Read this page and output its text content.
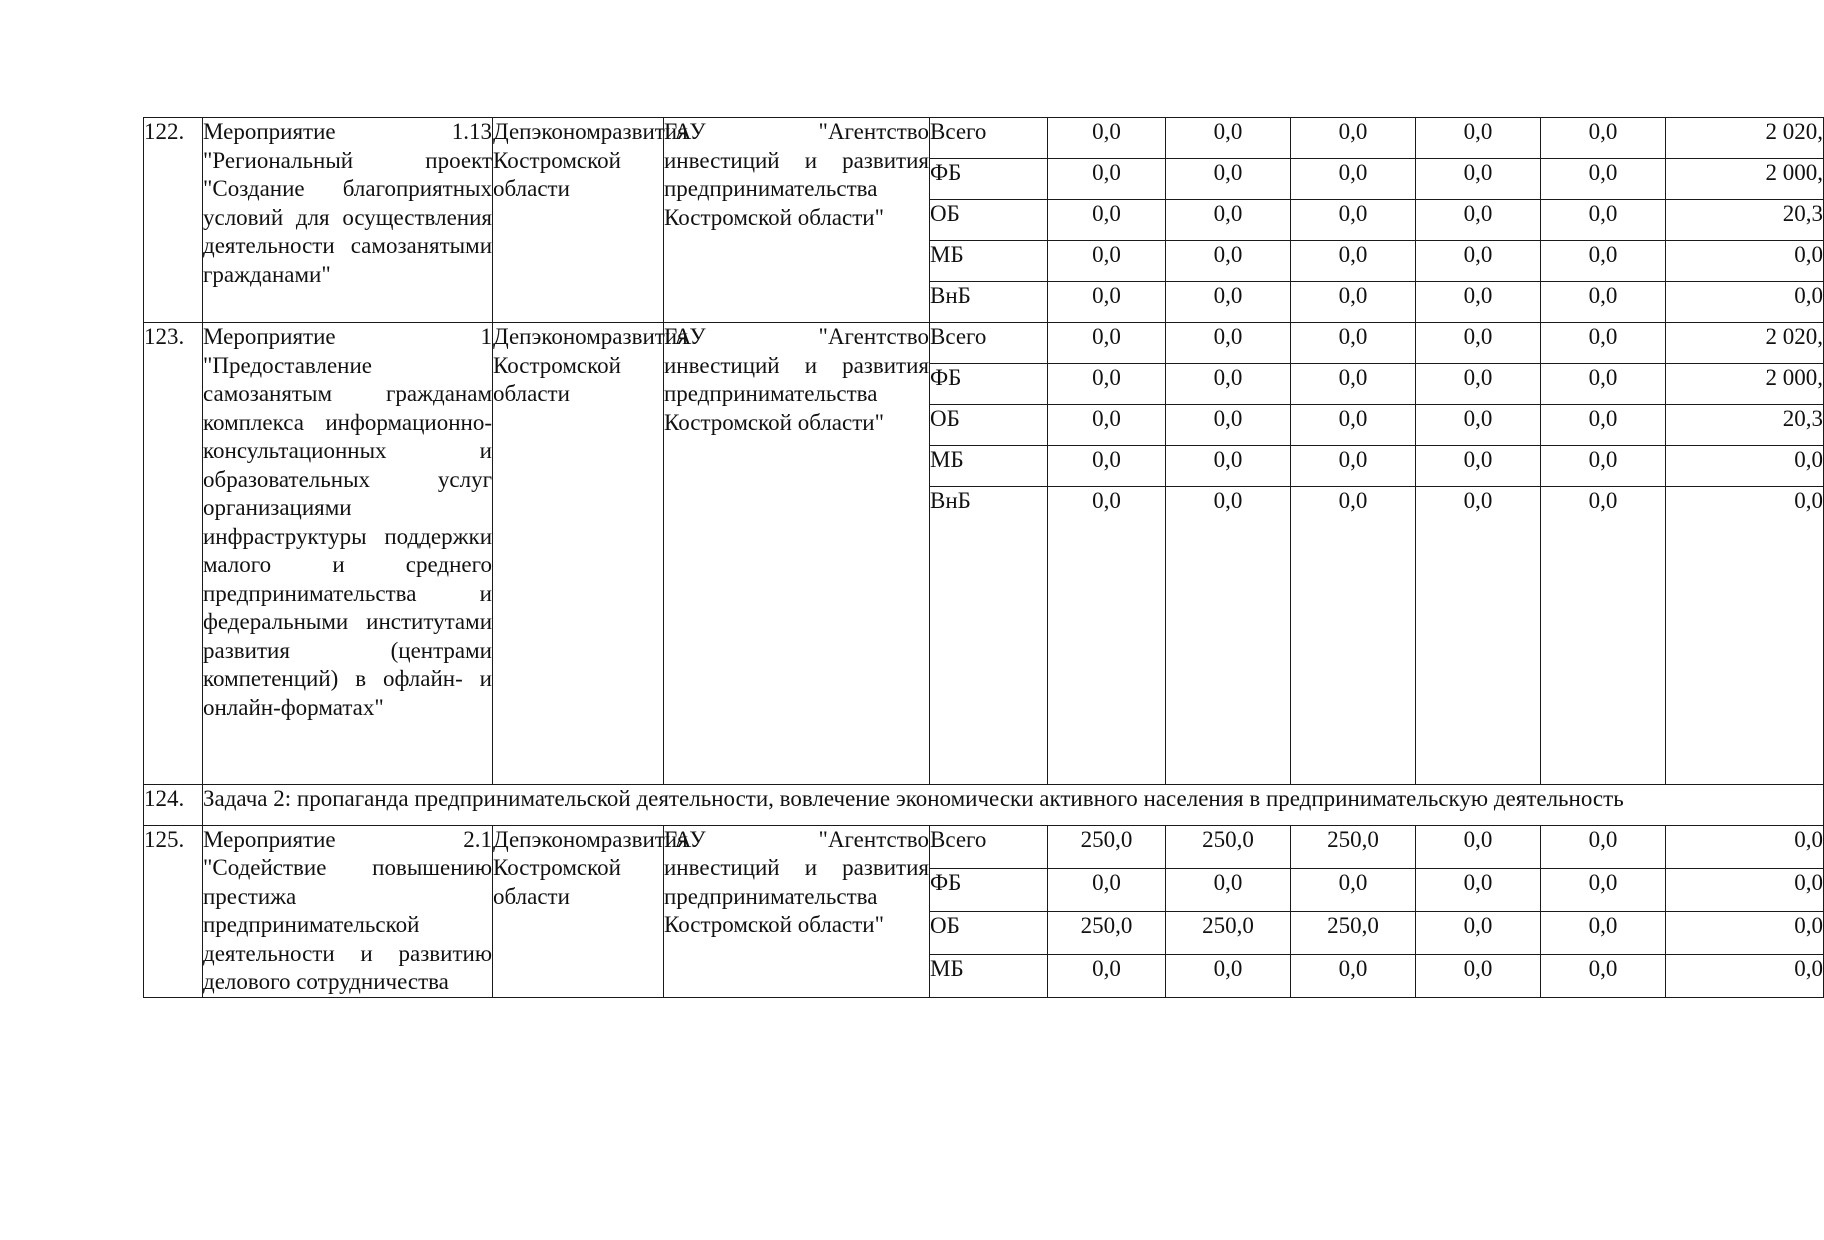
122.	Мероприятие 1.13 "Региональный проект "Создание благоприятных условий для осуществления деятельности самозанятыми гражданами"	Депэкономразвития Костромской области	ГАУ "Агентство инвестиций и развития предпринимательства Костромской области"	Всего	0,0	0,0	0,0	0,0	0,0	2 020,
				ФБ	0,0	0,0	0,0	0,0	0,0	2 000,
				ОБ	0,0	0,0	0,0	0,0	0,0	20,3
				МБ	0,0	0,0	0,0	0,0	0,0	0,0
				ВнБ	0,0	0,0	0,0	0,0	0,0	0,0
123.	Мероприятие 1 "Предоставление самозанятым гражданам комплекса информационно-консультационных и образовательных услуг организациями инфраструктуры поддержки малого и среднего предпринимательства и федеральными институтами развития (центрами компетенций) в офлайн- и онлайн-форматах"	Депэкономразвития Костромской области	ГАУ "Агентство инвестиций и развития предпринимательства Костромской области"	Всего	0,0	0,0	0,0	0,0	0,0	2 020,
				ФБ	0,0	0,0	0,0	0,0	0,0	2 000,
				ОБ	0,0	0,0	0,0	0,0	0,0	20,3
				МБ	0,0	0,0	0,0	0,0	0,0	0,0
				ВнБ	0,0	0,0	0,0	0,0	0,0	0,0

124.	Задача 2: пропаганда предпринимательской деятельности, вовлечение экономически активного населения в предпринимательскую деятельность									
125.	Мероприятие 2.1 "Содействие повышению престижа предпринимательской деятельности и развитию делового сотрудничества	Депэкономразвития Костромской области	ГАУ "Агентство инвестиций и развития предпринимательства Костромской области"	Всего	250,0	250,0	250,0	0,0	0,0	0,0
				ФБ	0,0	0,0	0,0	0,0	0,0	0,0
				ОБ	250,0	250,0	250,0	0,0	0,0	0,0
				МБ	0,0	0,0	0,0	0,0	0,0	0,0
